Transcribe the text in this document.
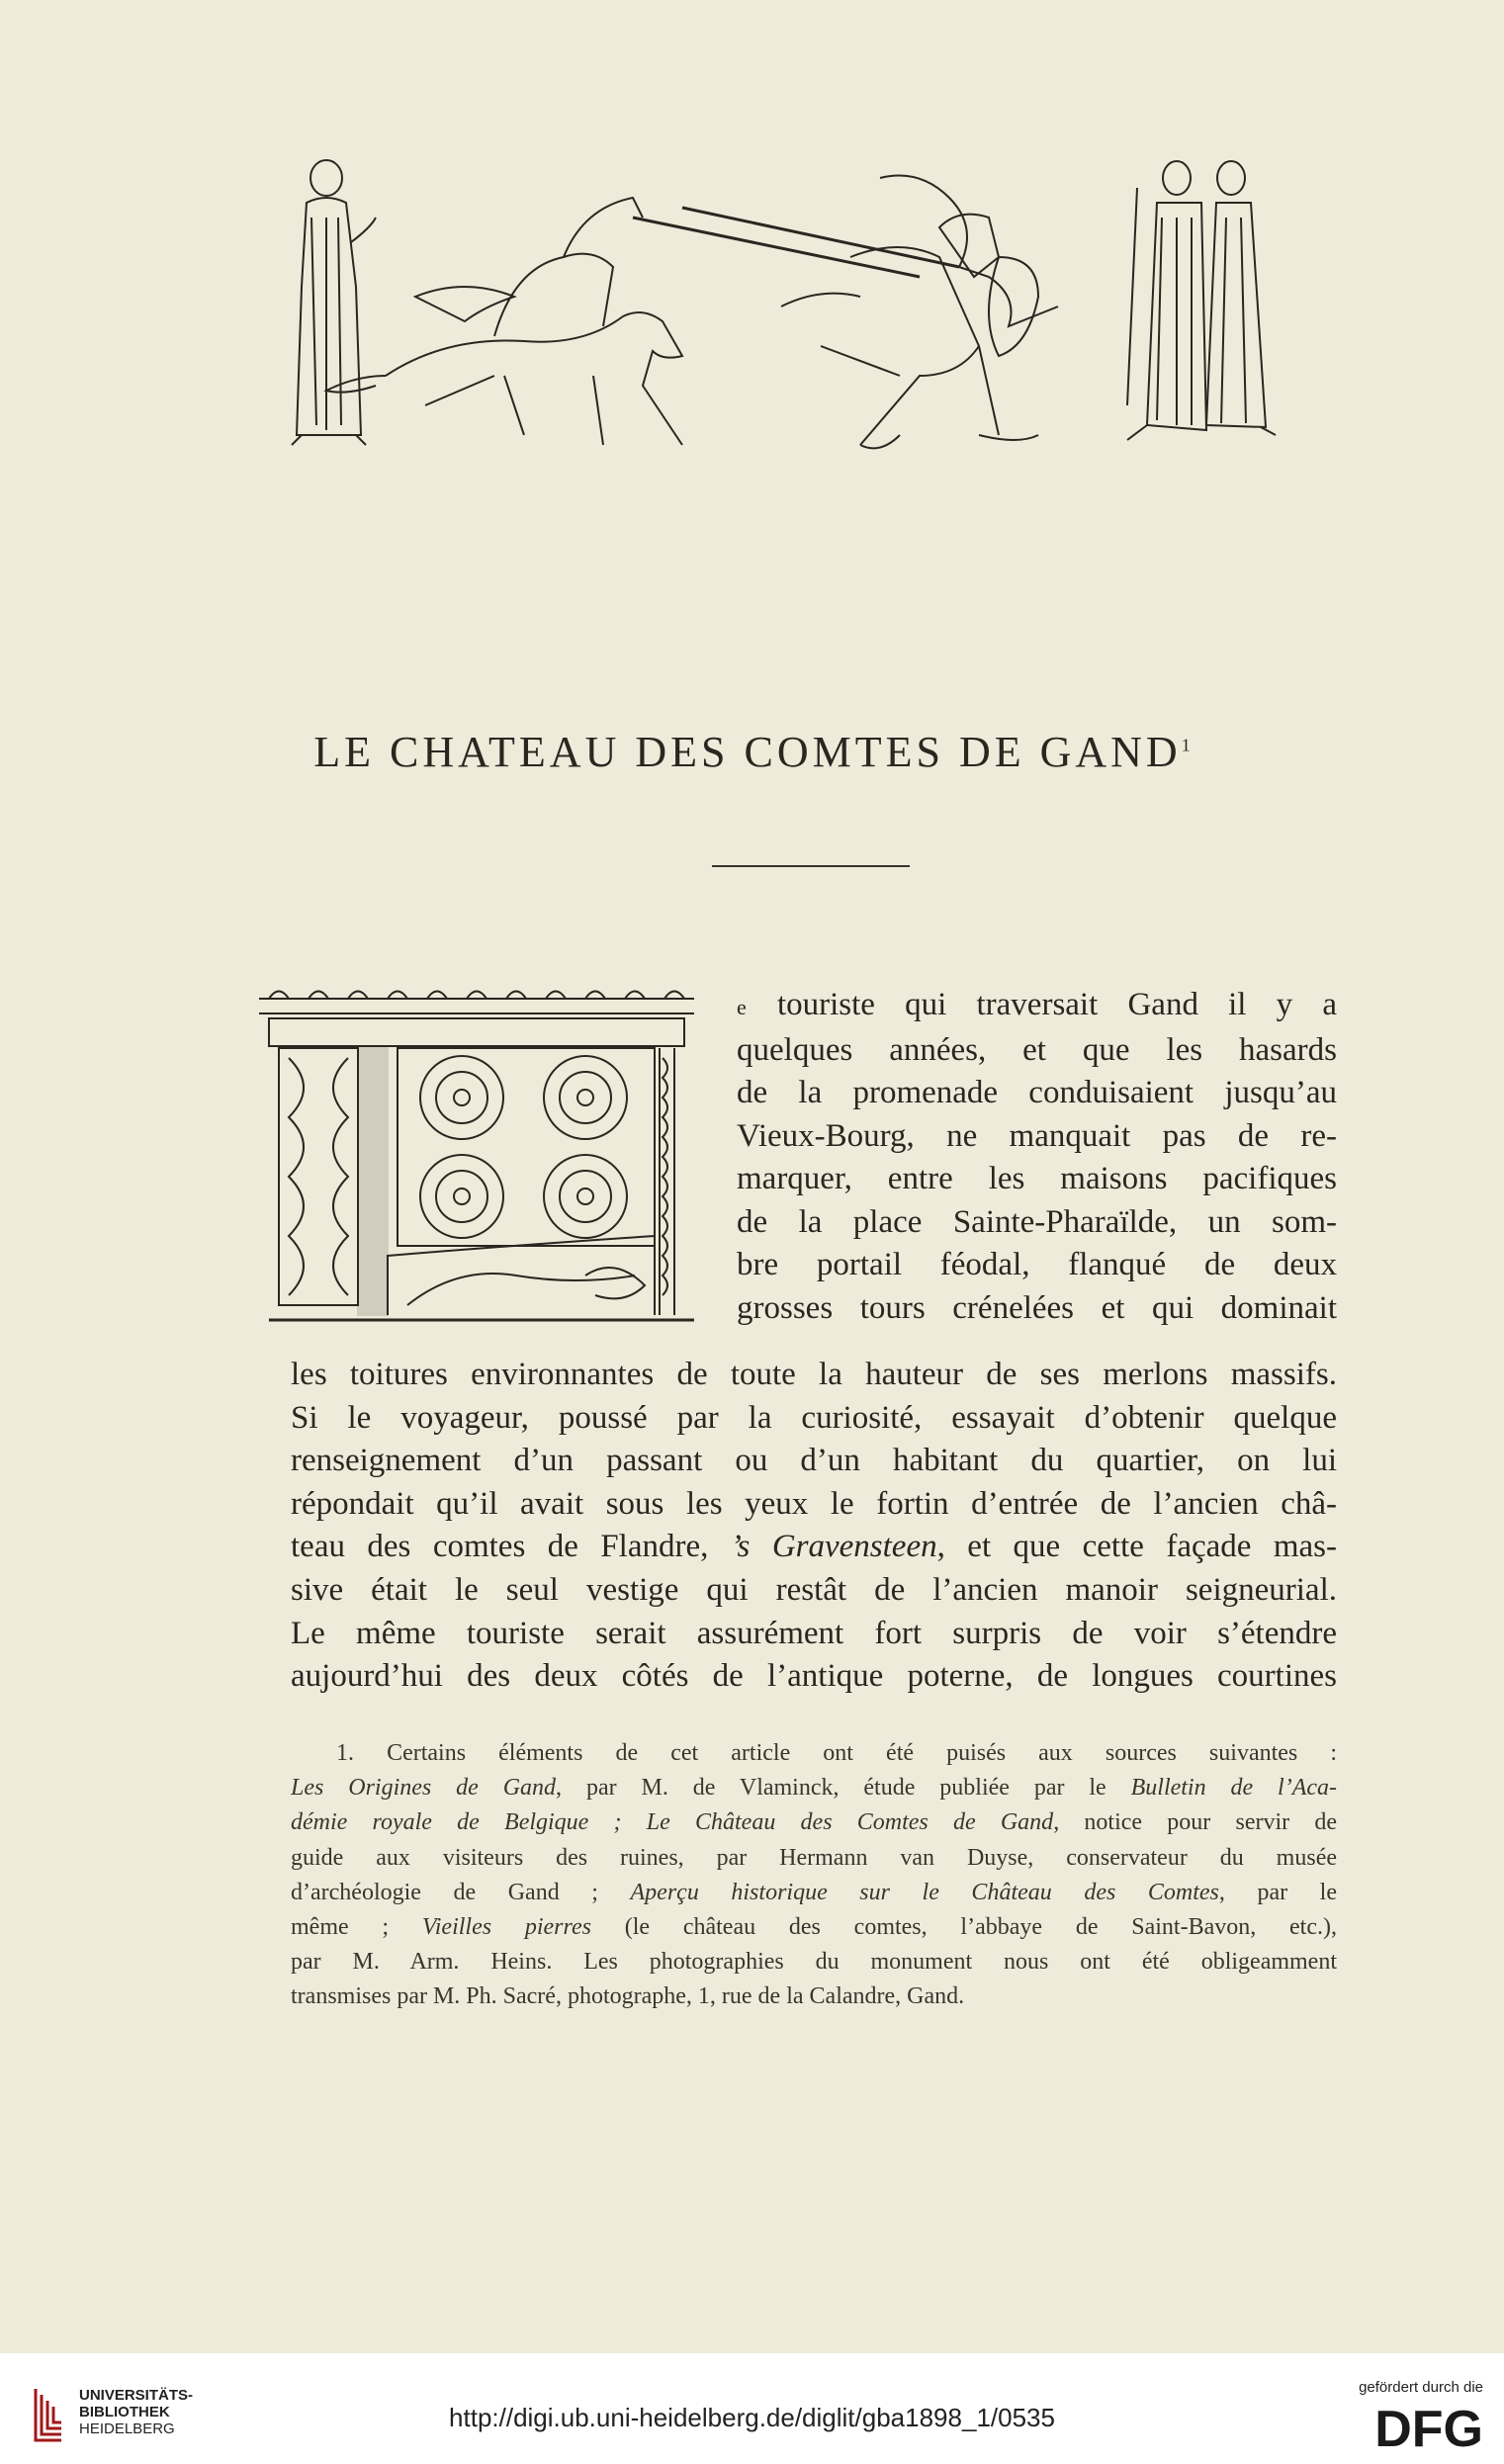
LE CHATEAU DES COMTES DE GAND$^1$
e touriste qui traversait Gand il y a
quelques années, et que les hasards
de la promenade conduisaient jusqu’au
Vieux-Bourg, ne manquait pas de re-
marquer, entre les maisons pacifiques
de la place Sainte-Pharaïlde, un som-
bre portail féodal, flanqué de deux
grosses tours crénelées et qui dominait
les toitures environnantes de toute la hauteur de ses merlons massifs.
Si le voyageur, poussé par la curiosité, essayait d’obtenir quelque
renseignement d’un passant ou d’un habitant du quartier, on lui
répondait qu’il avait sous les yeux le fortin d’entrée de l’ancien châ-
teau des comtes de Flandre, ’s Gravensteen, et que cette façade mas-
sive était le seul vestige qui restât de l’ancien manoir seigneurial.
Le même touriste serait assurément fort surpris de voir s’étendre
aujourd’hui des deux côtés de l’antique poterne, de longues courtines
1. Certains éléments de cet article ont été puisés aux sources suivantes :
Les Origines de Gand, par M. de Vlaminck, étude publiée par le Bulletin de l’Aca-
démie royale de Belgique ; Le Château des Comtes de Gand, notice pour servir de
guide aux visiteurs des ruines, par Hermann van Duyse, conservateur du musée
d’archéologie de Gand ; Aperçu historique sur le Château des Comtes, par le
même ; Vieilles pierres (le château des comtes, l’abbaye de Saint-Bavon, etc.),
par M. Arm. Heins. Les photographies du monument nous ont été obligeamment
transmises par M. Ph. Sacré, photographe, 1, rue de la Calandre, Gand.
UNIVERSITÄTS-
BIBLIOTHEK
HEIDELBERG	http://digi.ub.uni-heidelberg.de/diglit/gba1898_1/0535
gefördert durch die
DFG
